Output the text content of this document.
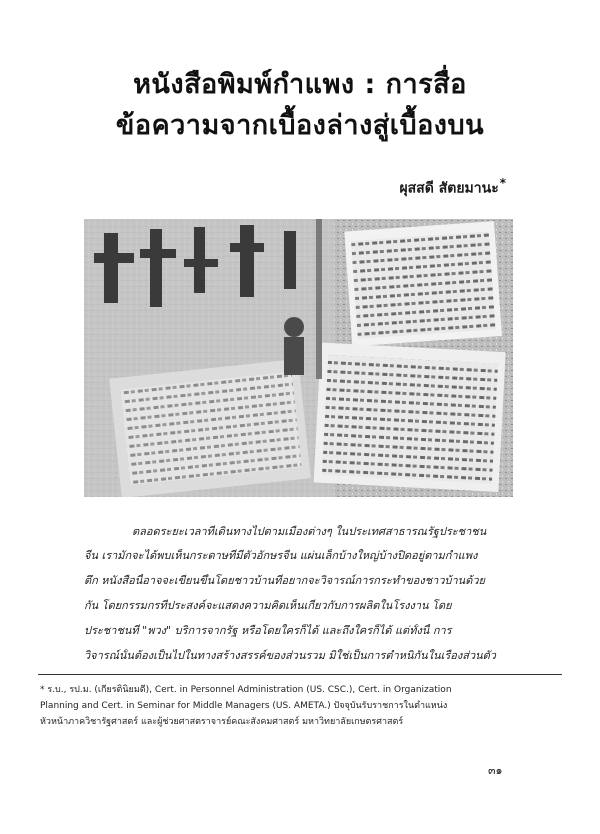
หนังสือพิมพ์กำแพง : การสื่อ
ข้อความจากเบื้องล่างสู่เบื้องบน
ผุสสดี สัตยมานะ*
ตลอดระยะเวลาที่เดินทางไปตามเมืองต่างๆ ในประเทศสาธารณรัฐประชาชน
จีน เรามักจะได้พบเห็นกระดาษที่มีตัวอักษรจีน แผ่นเล็กบ้างใหญ่บ้างปิดอยู่ตามกำแพง
ตึก หนังสือนี้อาจจะเขียนขึ้นโดยชาวบ้านที่อยากจะวิจารณ์การกระทำของชาวบ้านด้วย
กัน โดยกรรมกรที่ประสงค์จะแสดงความคิดเห็นเกี่ยวกับการผลิตในโรงงาน โดย
ประชาชนที่ "พวง" บริการจากรัฐ หรือโดยใครก็ได้ และถึงใครก็ได้ แต่ทั้งนี้ การ
วิจารณ์นั้นต้องเป็นไปในทางสร้างสรรค์ของส่วนรวม มิใช่เป็นการตำหนิกันในเรื่องส่วนตัว
* ร.บ., รป.ม. (เกียรตินิยมดี), Cert. in Personnel Administration (US. CSC.), Cert. in Organization
Planning and Cert. in Seminar for Middle Managers (US. AMETA.) ปัจจุบันรับราชการในตำแหน่ง
หัวหน้าภาควิชารัฐศาสตร์ และผู้ช่วยศาสตราจารย์คณะสังคมศาสตร์ มหาวิทยาลัยเกษตรศาสตร์
๓๑
